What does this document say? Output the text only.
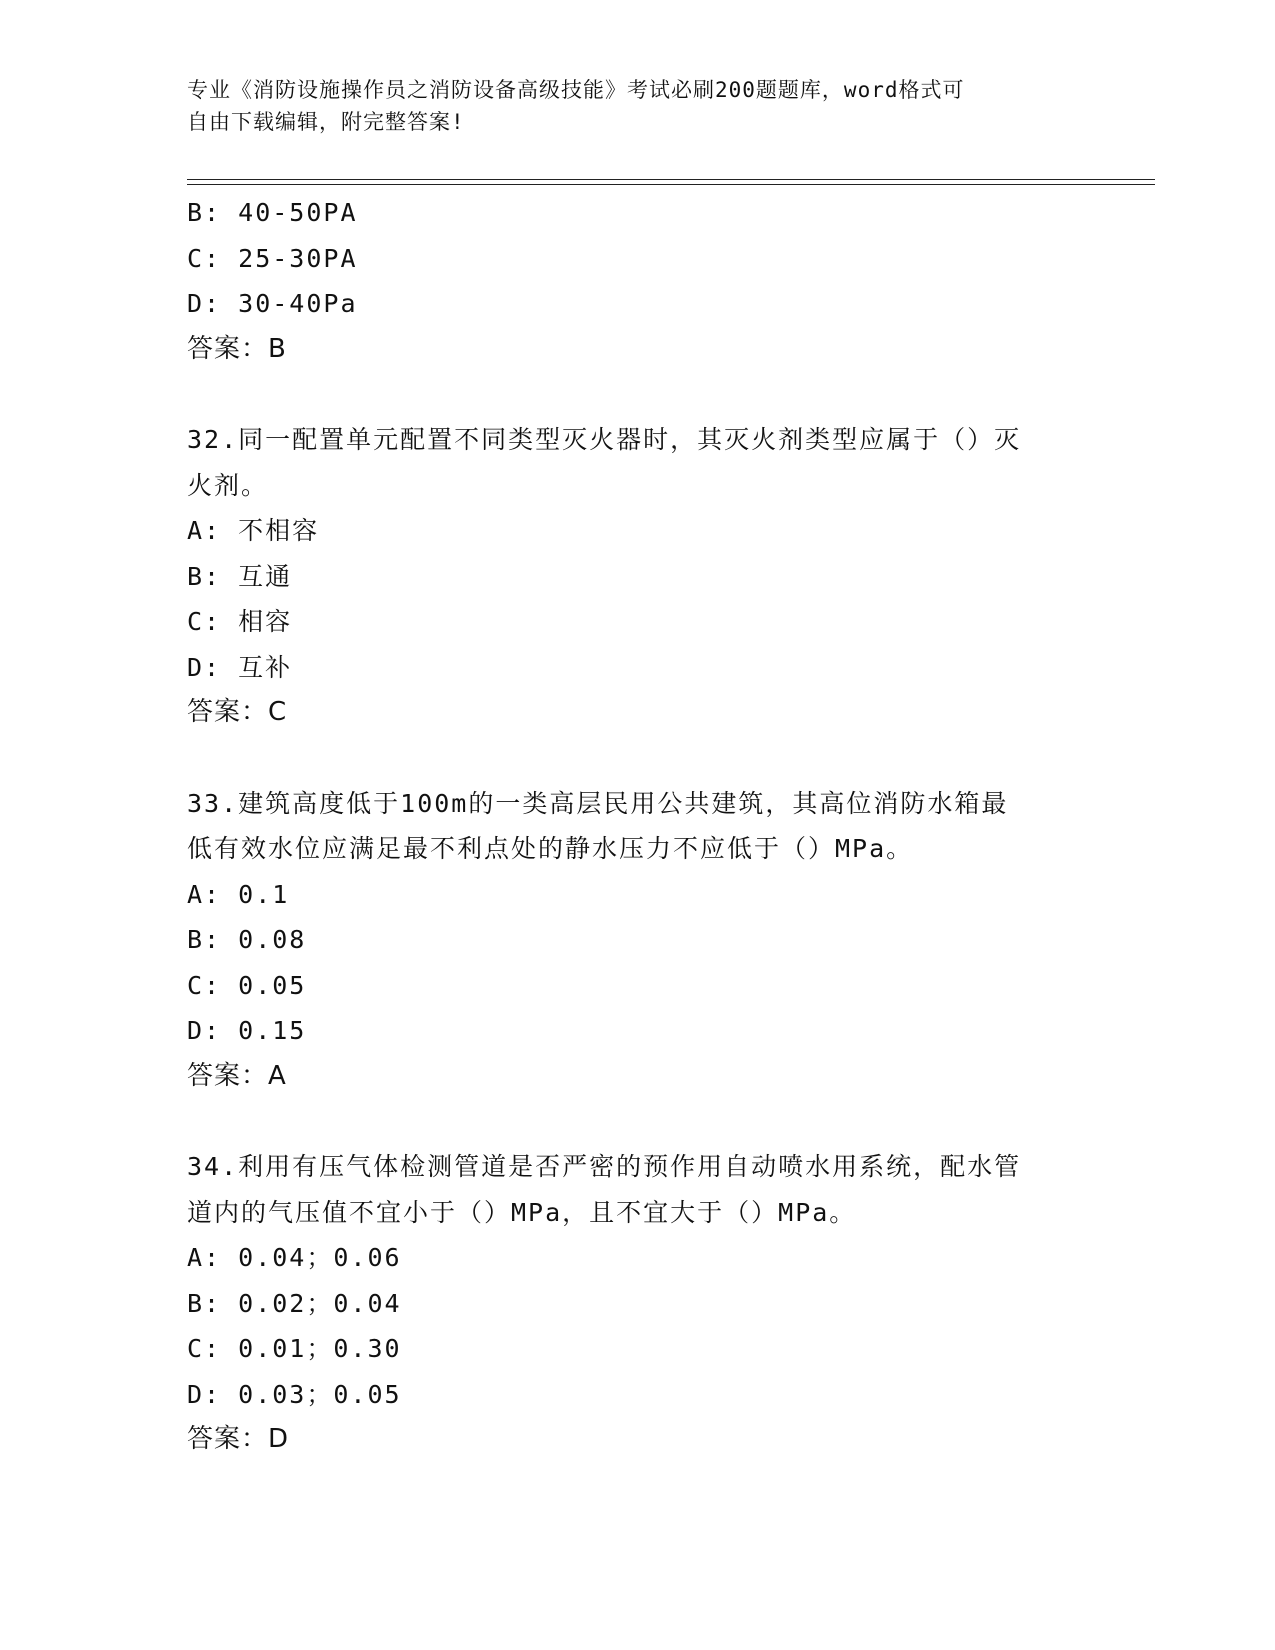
专业《消防设施操作员之消防设备高级技能》考试必刷200题题库，word格式可
自由下载编辑，附完整答案!
B: 40-50PA
C: 25-30PA
D: 30-40Pa
答案：B
32.同一配置单元配置不同类型灭火器时，其灭火剂类型应属于（）灭
火剂。
A: 不相容
B: 互通
C: 相容
D: 互补
答案：C
33.建筑高度低于100m的一类高层民用公共建筑，其高位消防水箱最
低有效水位应满足最不利点处的静水压力不应低于（）MPa。
A: 0.1
B: 0.08
C: 0.05
D: 0.15
答案：A
34.利用有压气体检测管道是否严密的预作用自动喷水用系统，配水管
道内的气压值不宜小于（）MPa，且不宜大于（）MPa。
A: 0.04；0.06
B: 0.02；0.04
C: 0.01；0.30
D: 0.03；0.05
答案：D
